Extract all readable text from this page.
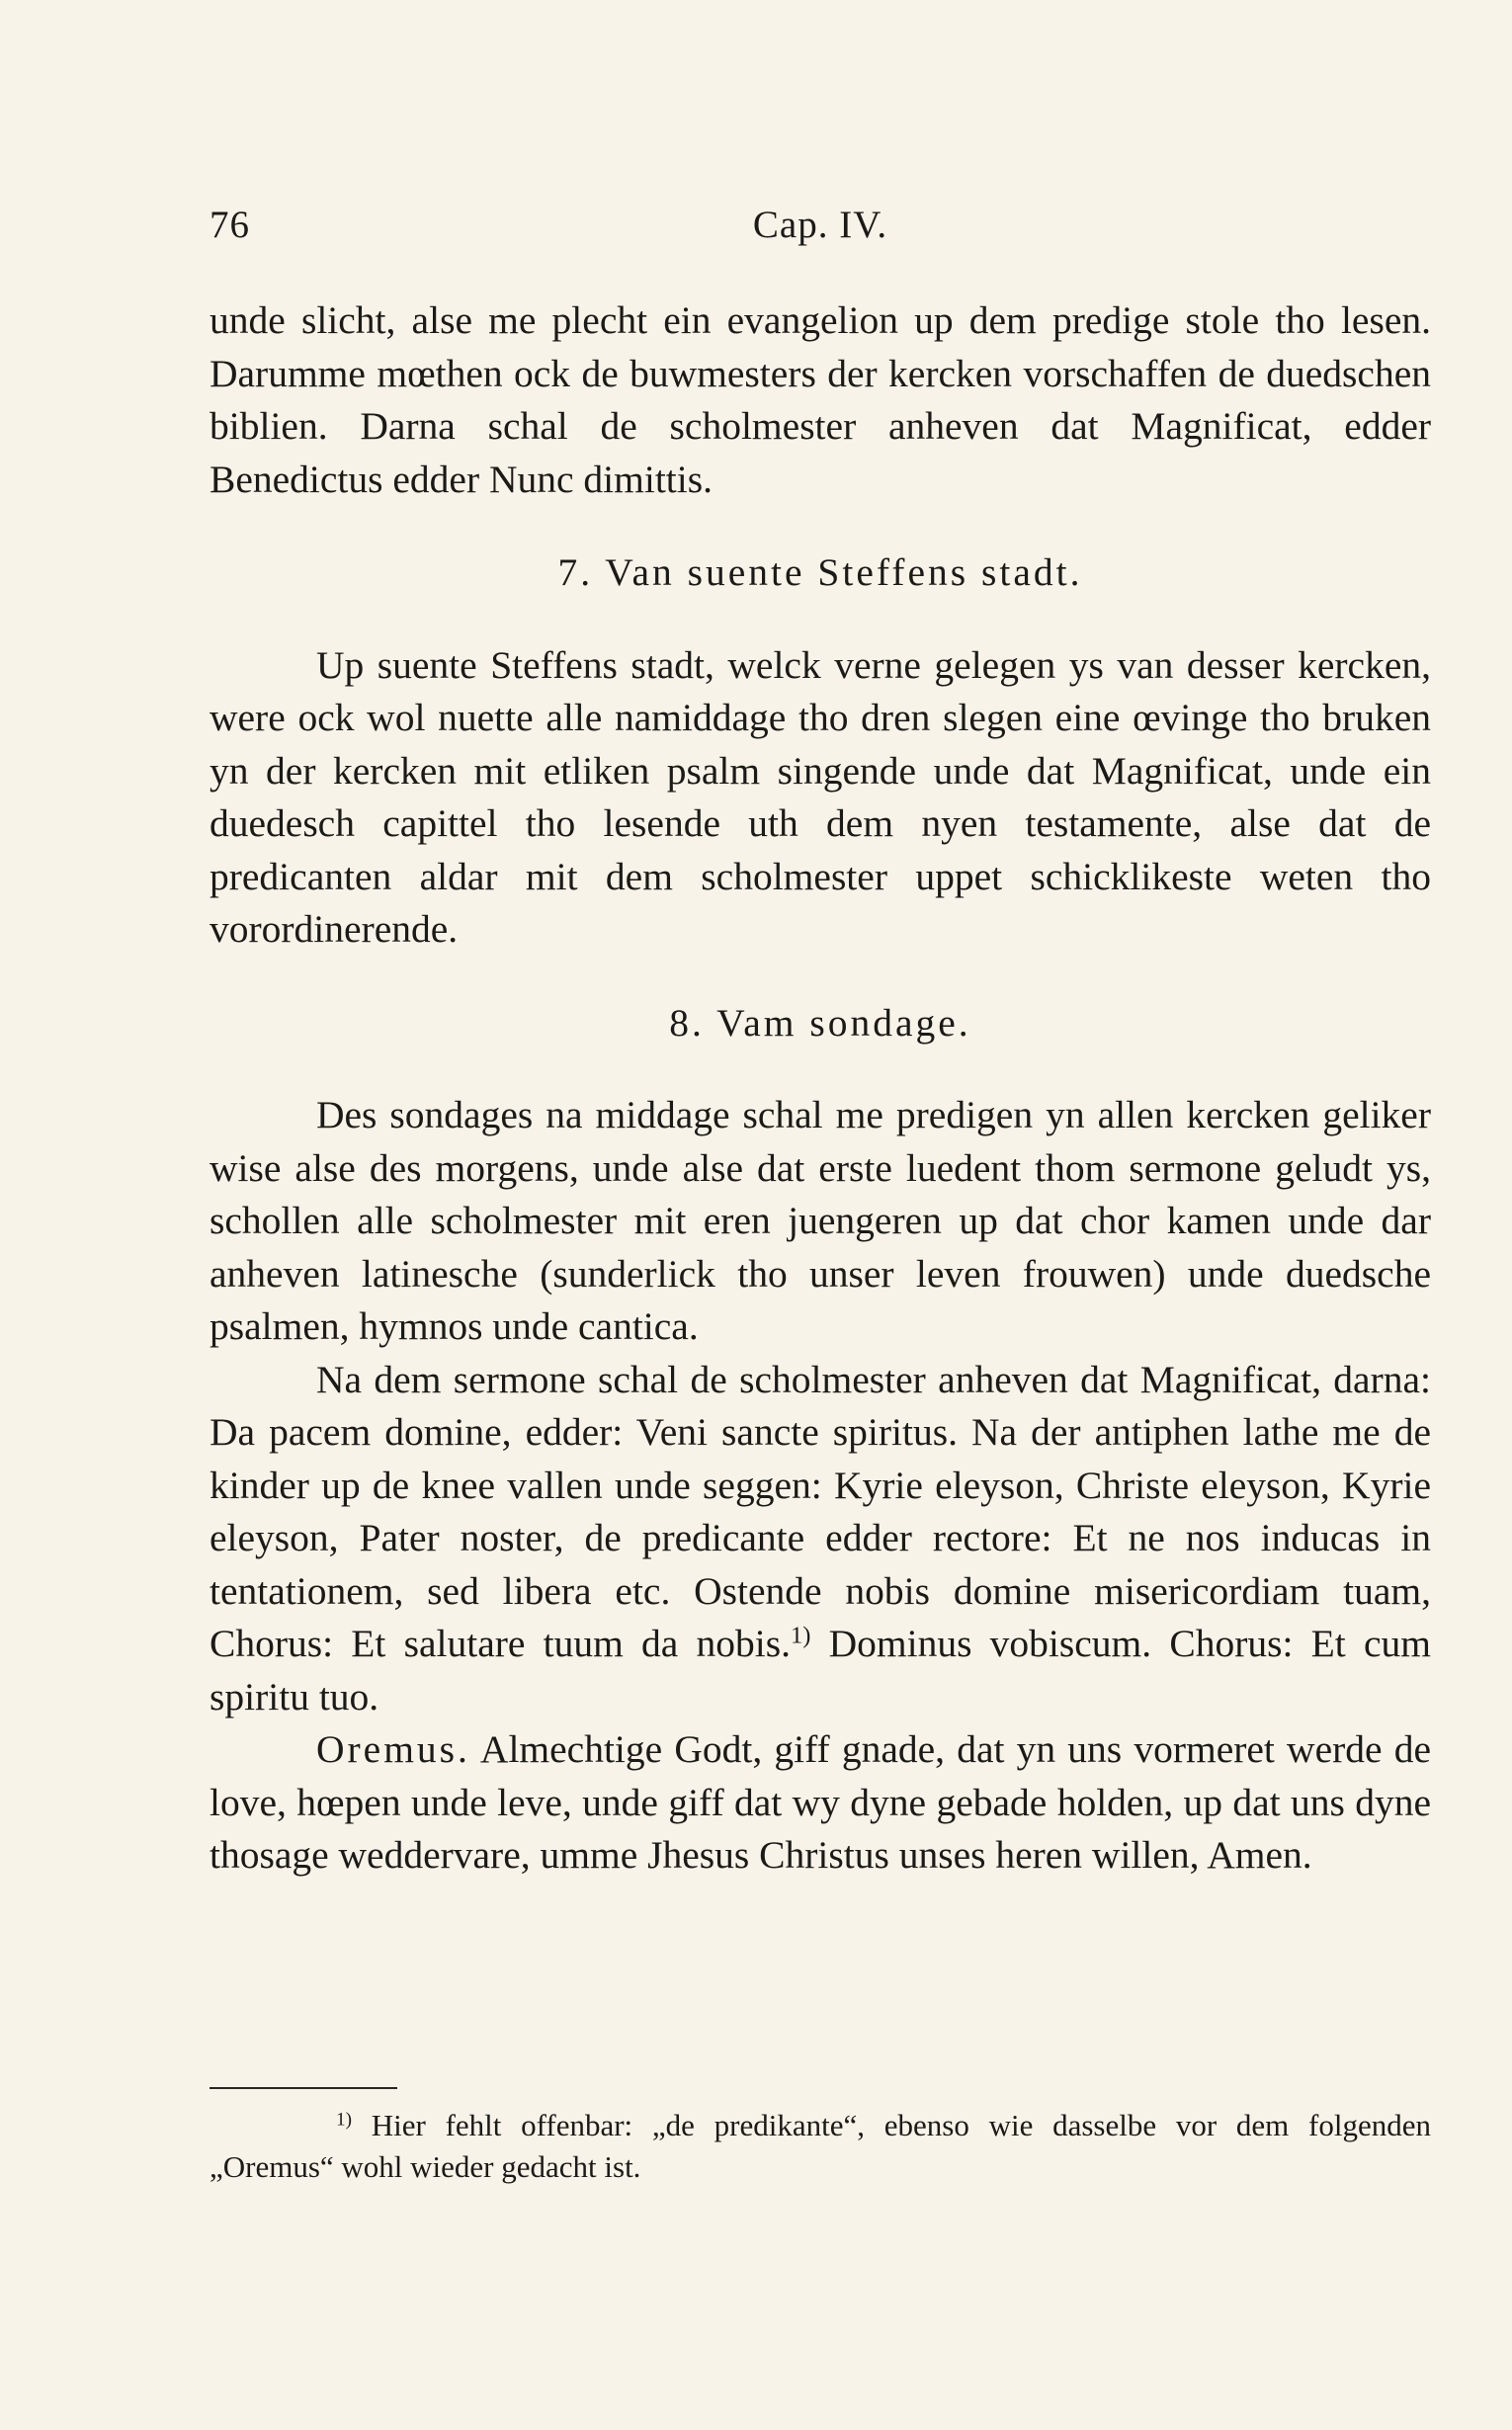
76	Cap. IV.

unde slicht, alse me plecht ein evangelion up dem predige stole tho lesen. Darumme mœthen ock de buwmesters der kercken vorschaffen de duedschen biblien. Darna schal de scholmester anheven dat Magnificat, edder Benedictus edder Nunc dimittis.

7. Van suente Steffens stadt.

Up suente Steffens stadt, welck verne gelegen ys van desser kercken, were ock wol nuette alle namiddage tho dren slegen eine œvinge tho bruken yn der kercken mit etliken psalm singende unde dat Magnificat, unde ein duedesch capittel tho lesende uth dem nyen testamente, alse dat de predicanten aldar mit dem scholmester uppet schicklikeste weten tho vorordinerende.

8. Vam sondage.

Des sondages na middage schal me predigen yn allen kercken geliker wise alse des morgens, unde alse dat erste luedent thom sermone geludt ys, schollen alle scholmester mit eren juengeren up dat chor kamen unde dar anheven latinesche (sunderlick tho unser leven frouwen) unde duedsche psalmen, hymnos unde cantica.

Na dem sermone schal de scholmester anheven dat Magnificat, darna: Da pacem domine, edder: Veni sancte spiritus. Na der antiphen lathe me de kinder up de knee vallen unde seggen: Kyrie eleyson, Christe eleyson, Kyrie eleyson, Pater noster, de predicante edder rectore: Et ne nos inducas in tentationem, sed libera etc. Ostende nobis domine misericordiam tuam, Chorus: Et salutare tuum da nobis.$^{1)}$ Dominus vobiscum. Chorus: Et cum spiritu tuo.

Oremus. Almechtige Godt, giff gnade, dat yn uns vormeret werde de love, hœpen unde leve, unde giff dat wy dyne gebade holden, up dat uns dyne thosage weddervare, umme Jhesus Christus unses heren willen, Amen.

$^{1)}$ Hier fehlt offenbar: „de predikante“, ebenso wie dasselbe vor dem folgenden „Oremus“ wohl wieder gedacht ist.
